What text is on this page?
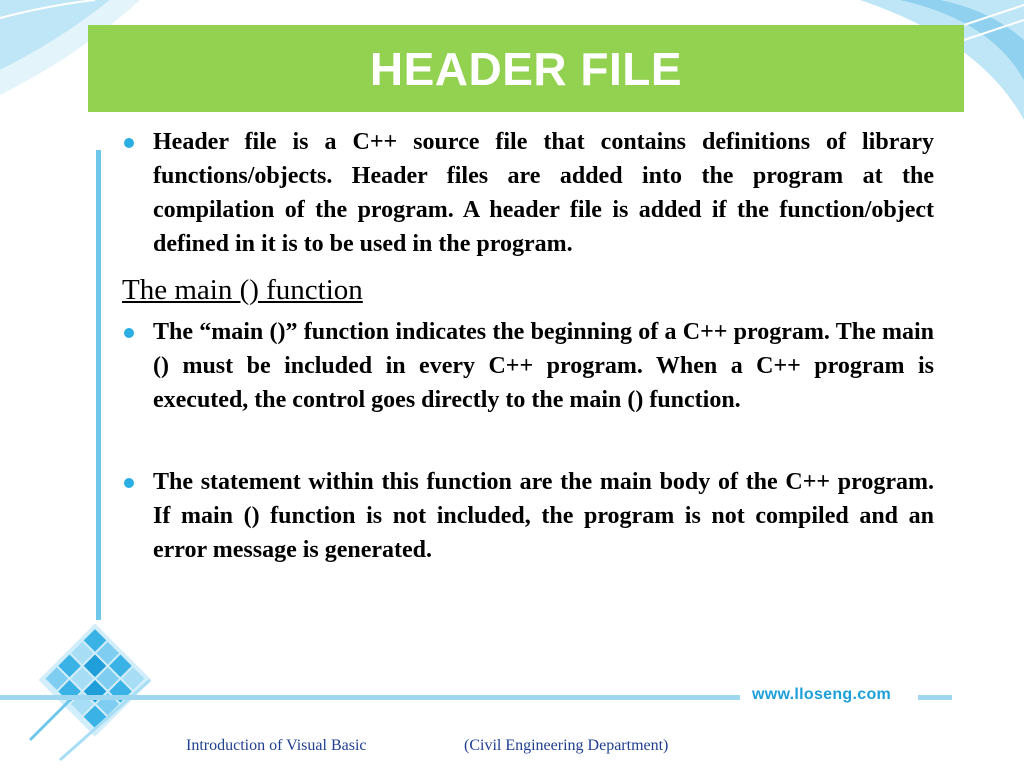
HEADER FILE

Header file is a C++ source file that contains definitions of library functions/objects. Header files are added into the program at the compilation of the program. A header file is added if the function/object defined in it is to be used in the program.

The main () function

The “main ()” function indicates the beginning of a C++ program. The main () must be included in every C++ program. When a C++ program is executed, the control goes directly to the main () function.

The statement within this function are the main body of the C++ program. If main () function is not included, the program is not compiled and an error message is generated.

www.lloseng.com
Introduction of Visual Basic	(Civil Engineering Department)
